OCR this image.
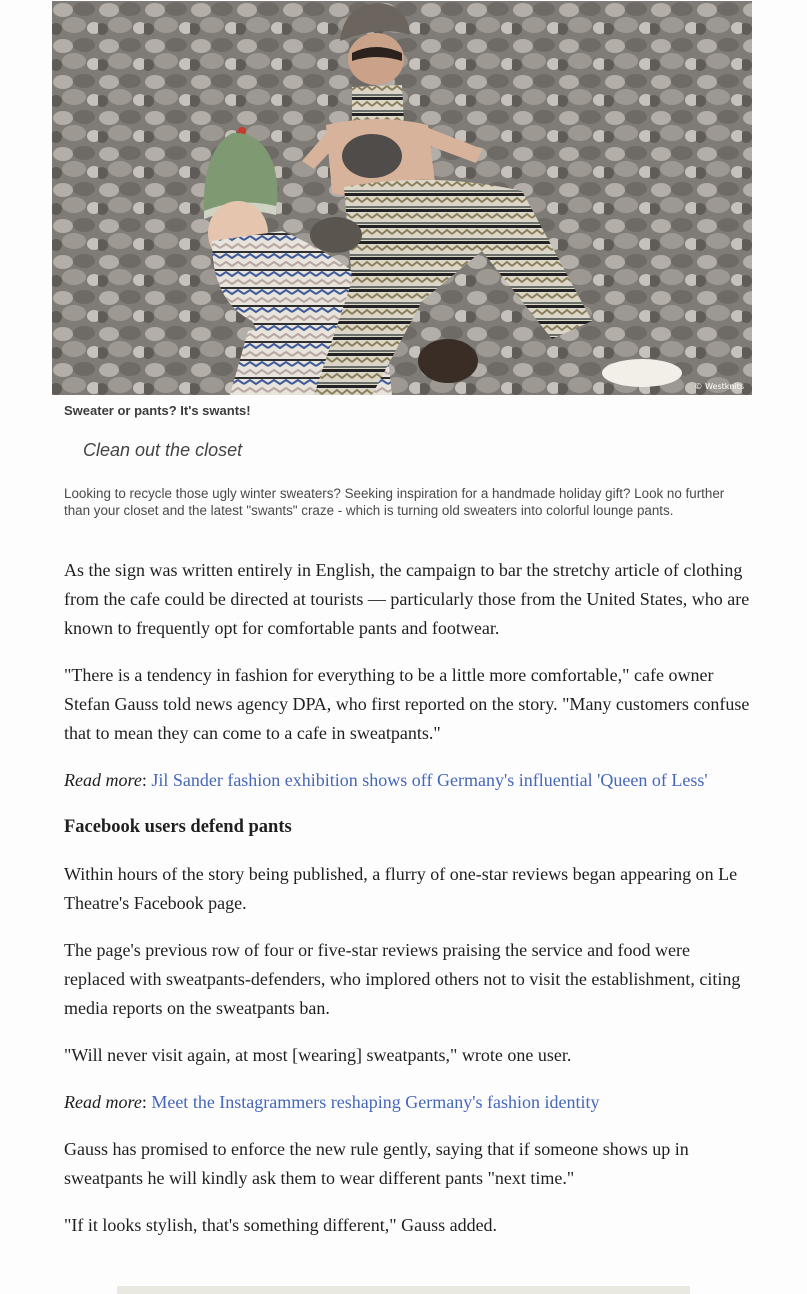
© Westknits
Sweater or pants? It's swants!
Clean out the closet
Looking to recycle those ugly winter sweaters? Seeking inspiration for a handmade holiday gift? Look no further than your closet and the latest "swants" craze - which is turning old sweaters into colorful lounge pants.

As the sign was written entirely in English, the campaign to bar the stretchy article of clothing from the cafe could be directed at tourists — particularly those from the United States, who are known to frequently opt for comfortable pants and footwear.

"There is a tendency in fashion for everything to be a little more comfortable," cafe owner Stefan Gauss told news agency DPA, who first reported on the story. "Many customers confuse that to mean they can come to a cafe in sweatpants."

Read more: Jil Sander fashion exhibition shows off Germany's influential 'Queen of Less'

Facebook users defend pants

Within hours of the story being published, a flurry of one-star reviews began appearing on Le Theatre's Facebook page.

The page's previous row of four or five-star reviews praising the service and food were replaced with sweatpants-defenders, who implored others not to visit the establishment, citing media reports on the sweatpants ban.

"Will never visit again, at most [wearing] sweatpants," wrote one user.

Read more: Meet the Instagrammers reshaping Germany's fashion identity

Gauss has promised to enforce the new rule gently, saying that if someone shows up in sweatpants he will kindly ask them to wear different pants "next time."

"If it looks stylish, that's something different," Gauss added.
